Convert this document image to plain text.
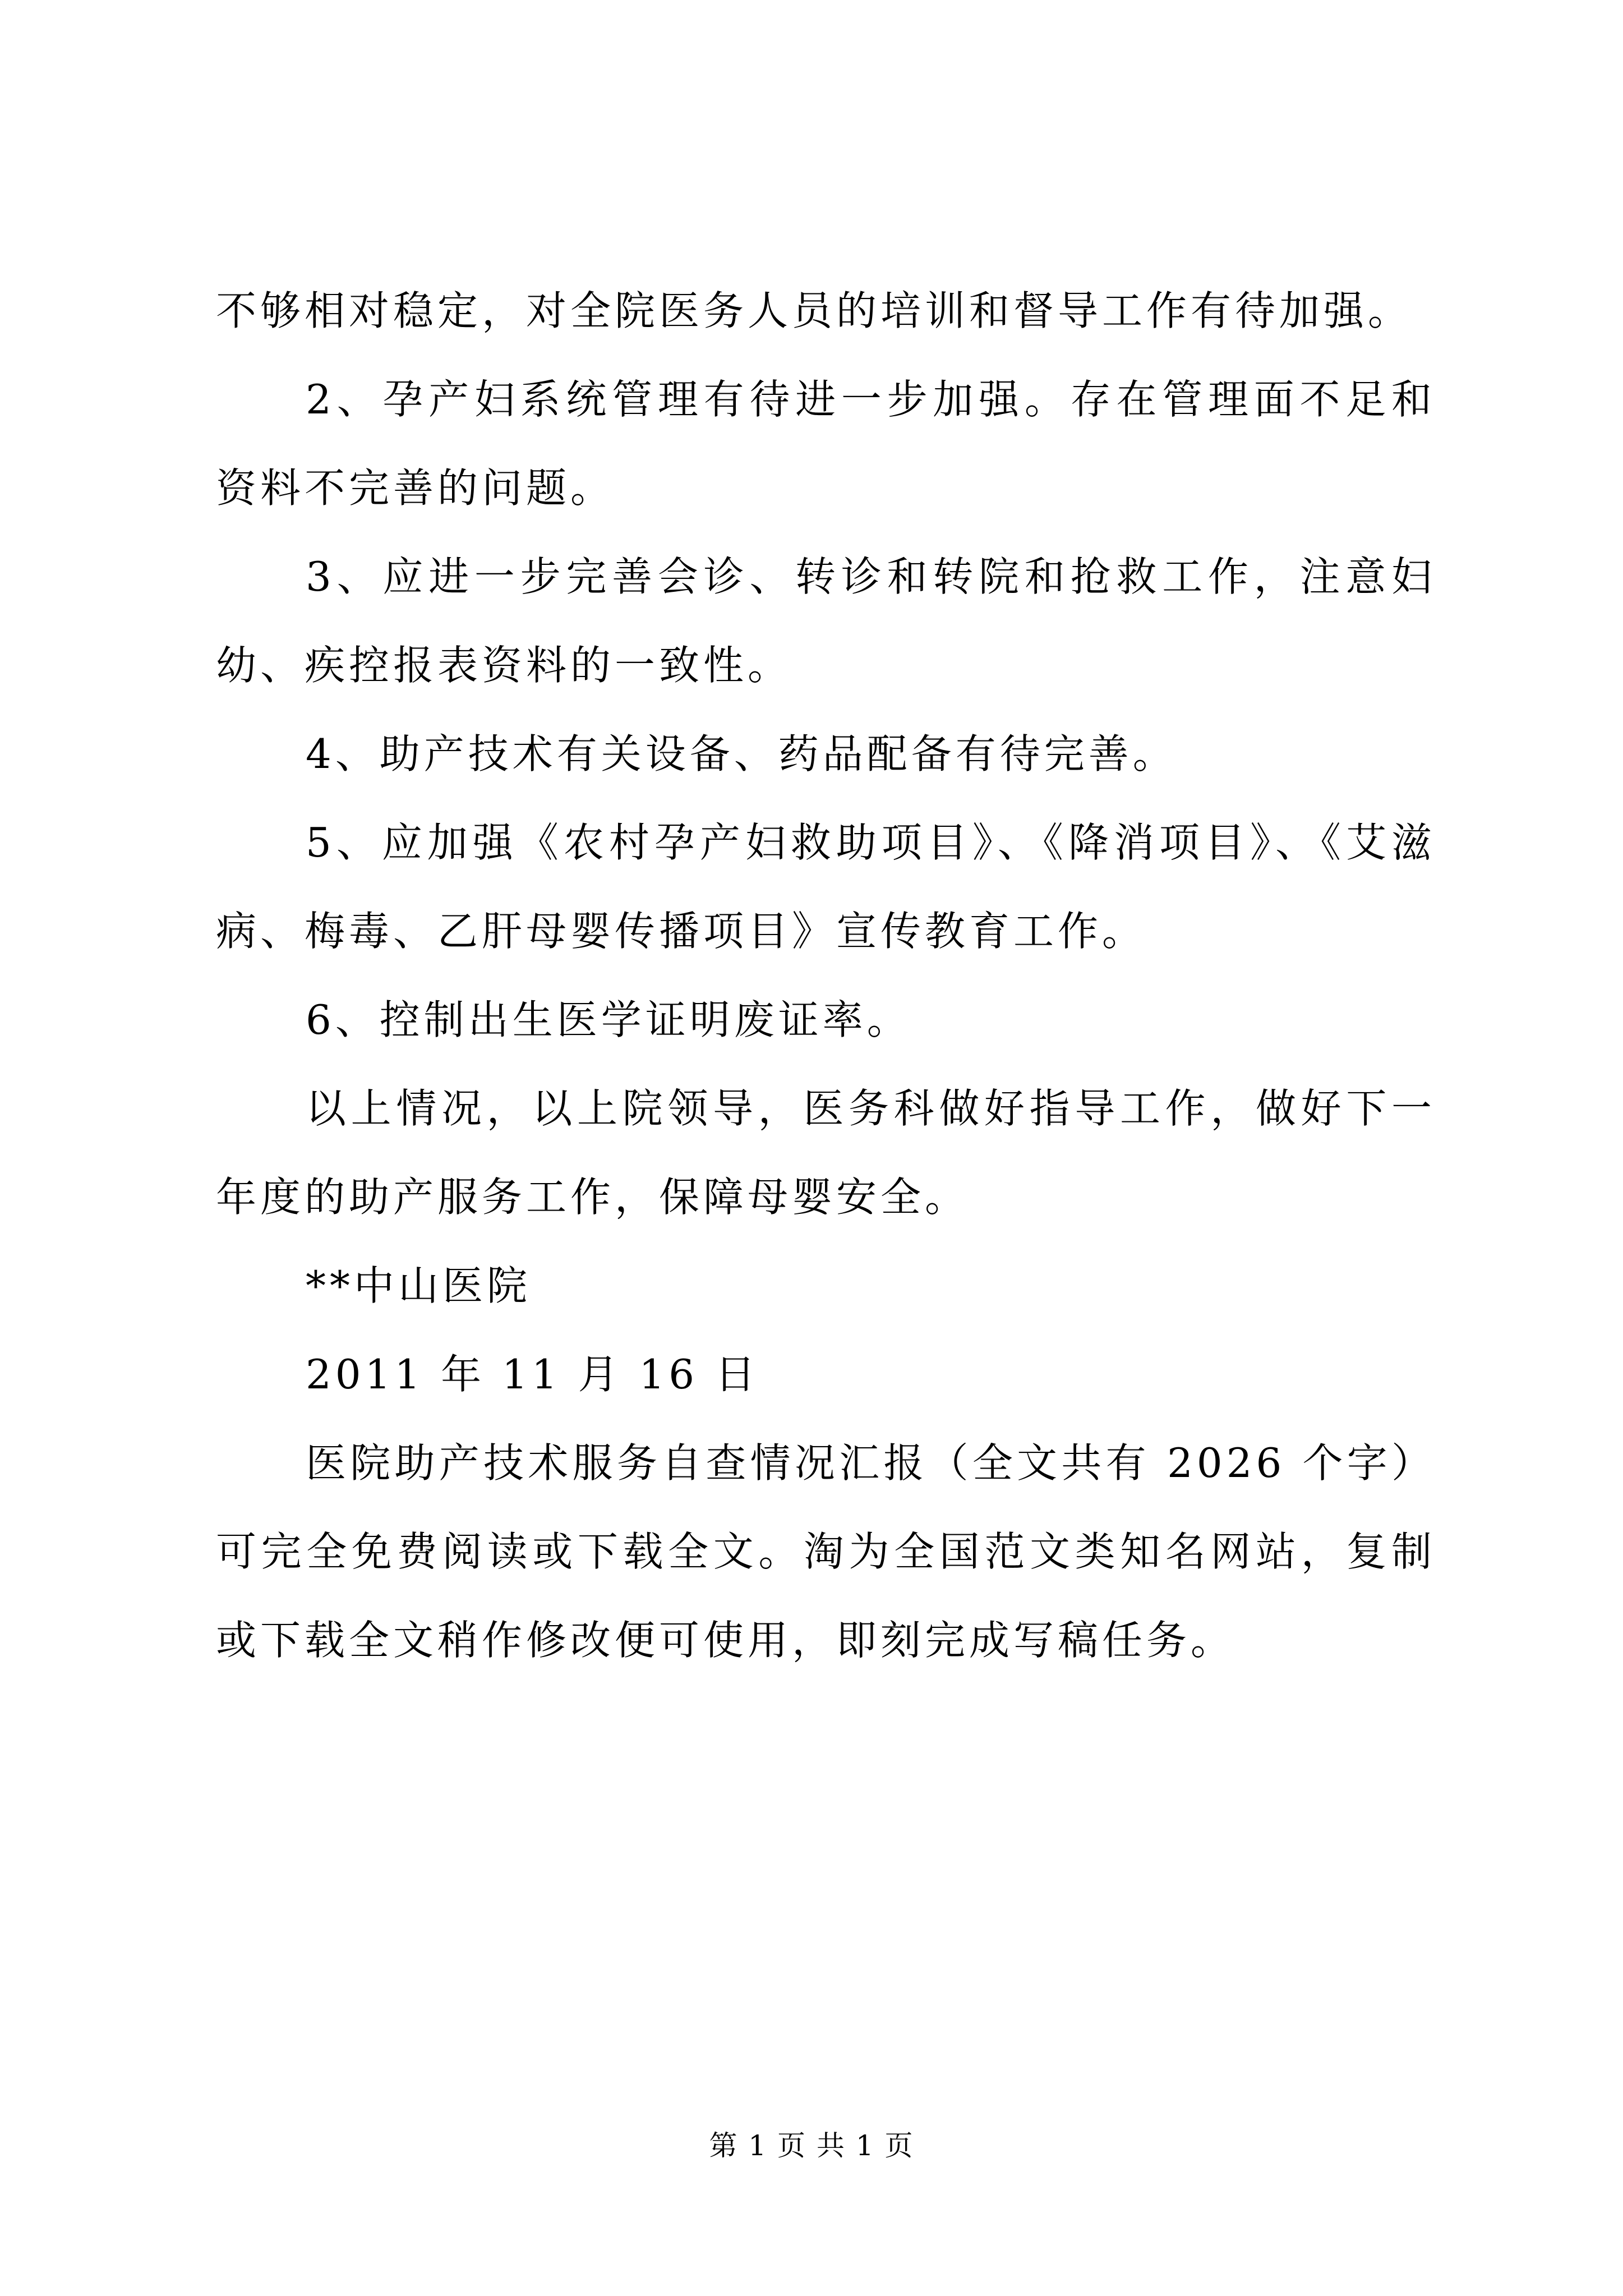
不够相对稳定，对全院医务人员的培训和督导工作有待加强。

2、孕产妇系统管理有待进一步加强。存在管理面不足和资料不完善的问题。

3、应进一步完善会诊、转诊和转院和抢救工作，注意妇幼、疾控报表资料的一致性。

4、助产技术有关设备、药品配备有待完善。

5、应加强《农村孕产妇救助项目》、《降消项目》、《艾滋病、梅毒、乙肝母婴传播项目》宣传教育工作。

6、控制出生医学证明废证率。

以上情况，以上院领导，医务科做好指导工作，做好下一年度的助产服务工作，保障母婴安全。

**中山医院

2011 年 11 月 16 日

医院助产技术服务自查情况汇报（全文共有 2026 个字）可完全免费阅读或下载全文。淘为全国范文类知名网站，复制或下载全文稍作修改便可使用，即刻完成写稿任务。

第 1 页 共 1 页
